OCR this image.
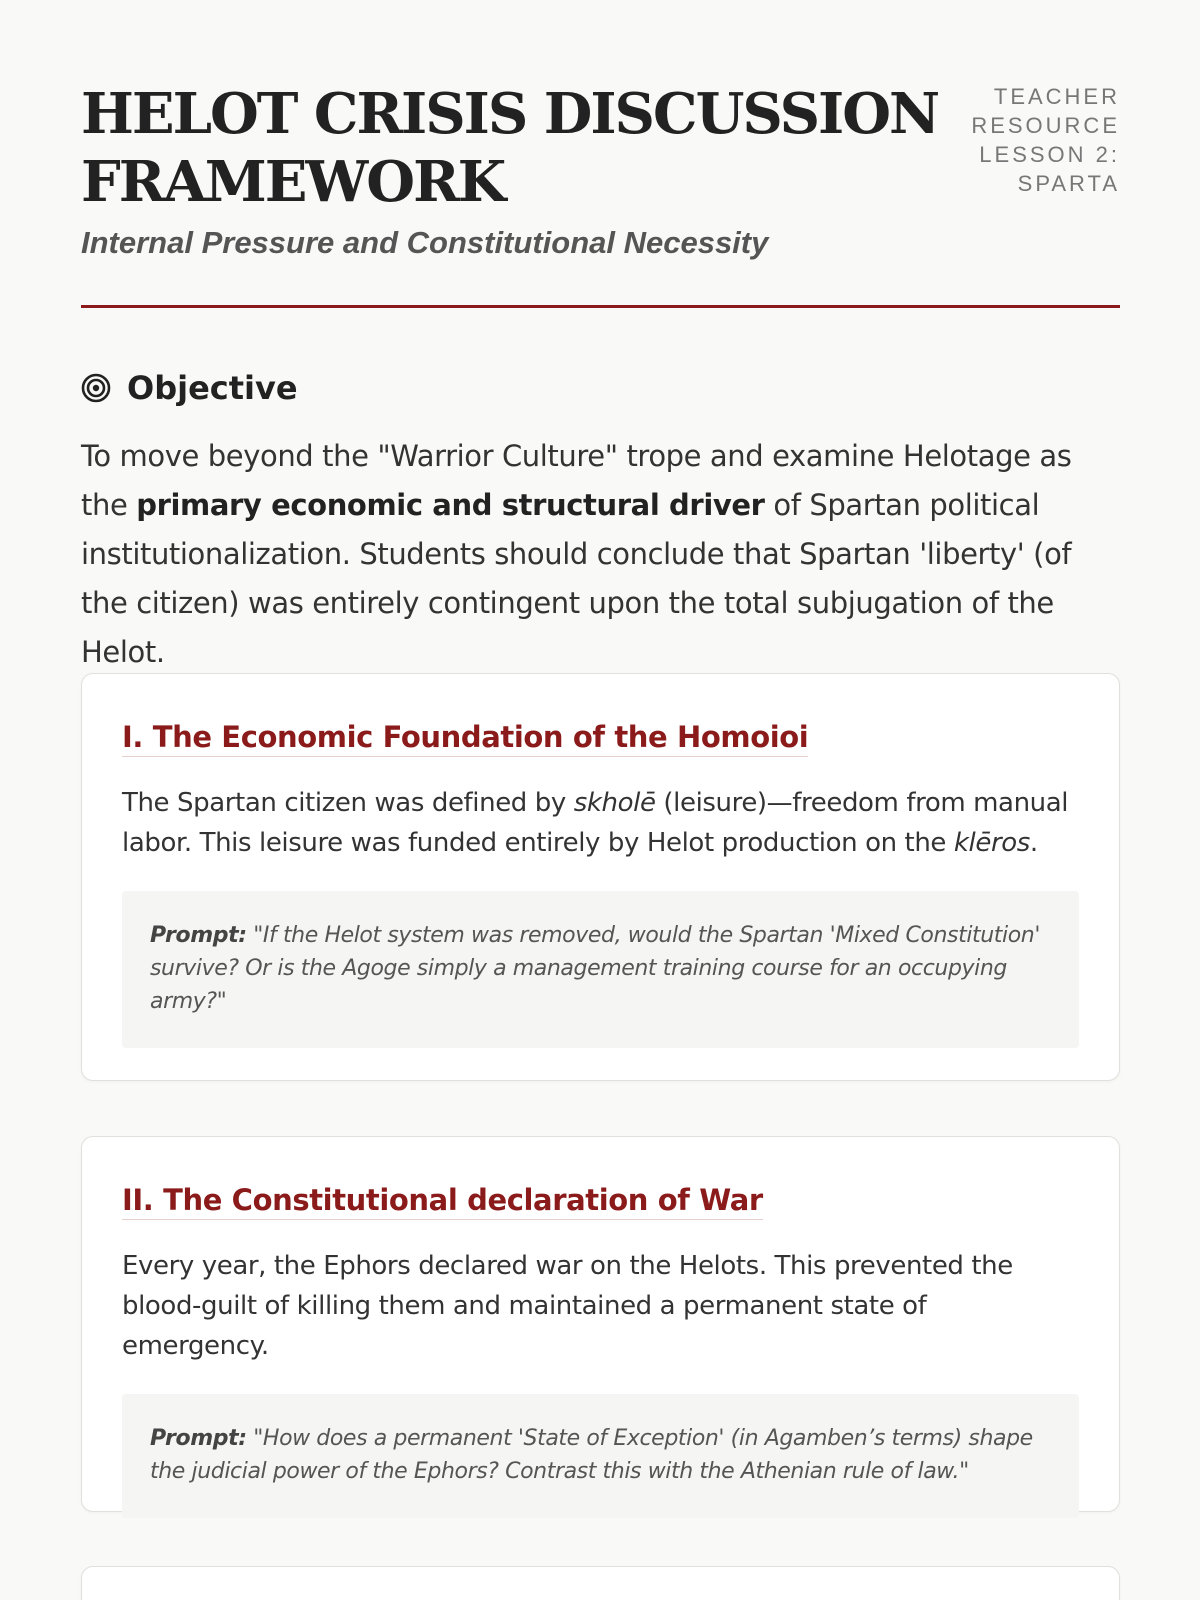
HELOT CRISIS DISCUSSION FRAMEWORK

Internal Pressure and Constitutional Necessity

TEACHER
RESOURCE
LESSON 2:
SPARTA
Objective

To move beyond the "Warrior Culture" trope and examine Helotage as the primary economic and structural driver of Spartan political institutionalization. Students should conclude that Spartan 'liberty' (of the citizen) was entirely contingent upon the total subjugation of the Helot.

I. The Economic Foundation of the Homoioi

The Spartan citizen was defined by skholē (leisure)—freedom from manual labor. This leisure was funded entirely by Helot production on the klēros.

Prompt: "If the Helot system was removed, would the Spartan 'Mixed Constitution' survive? Or is the Agoge simply a management training course for an occupying army?"
II. The Constitutional declaration of War

Every year, the Ephors declared war on the Helots. This prevented the blood-guilt of killing them and maintained a permanent state of emergency.

Prompt: "How does a permanent 'State of Exception' (in Agamben’s terms) shape the judicial power of the Ephors? Contrast this with the Athenian rule of law."
